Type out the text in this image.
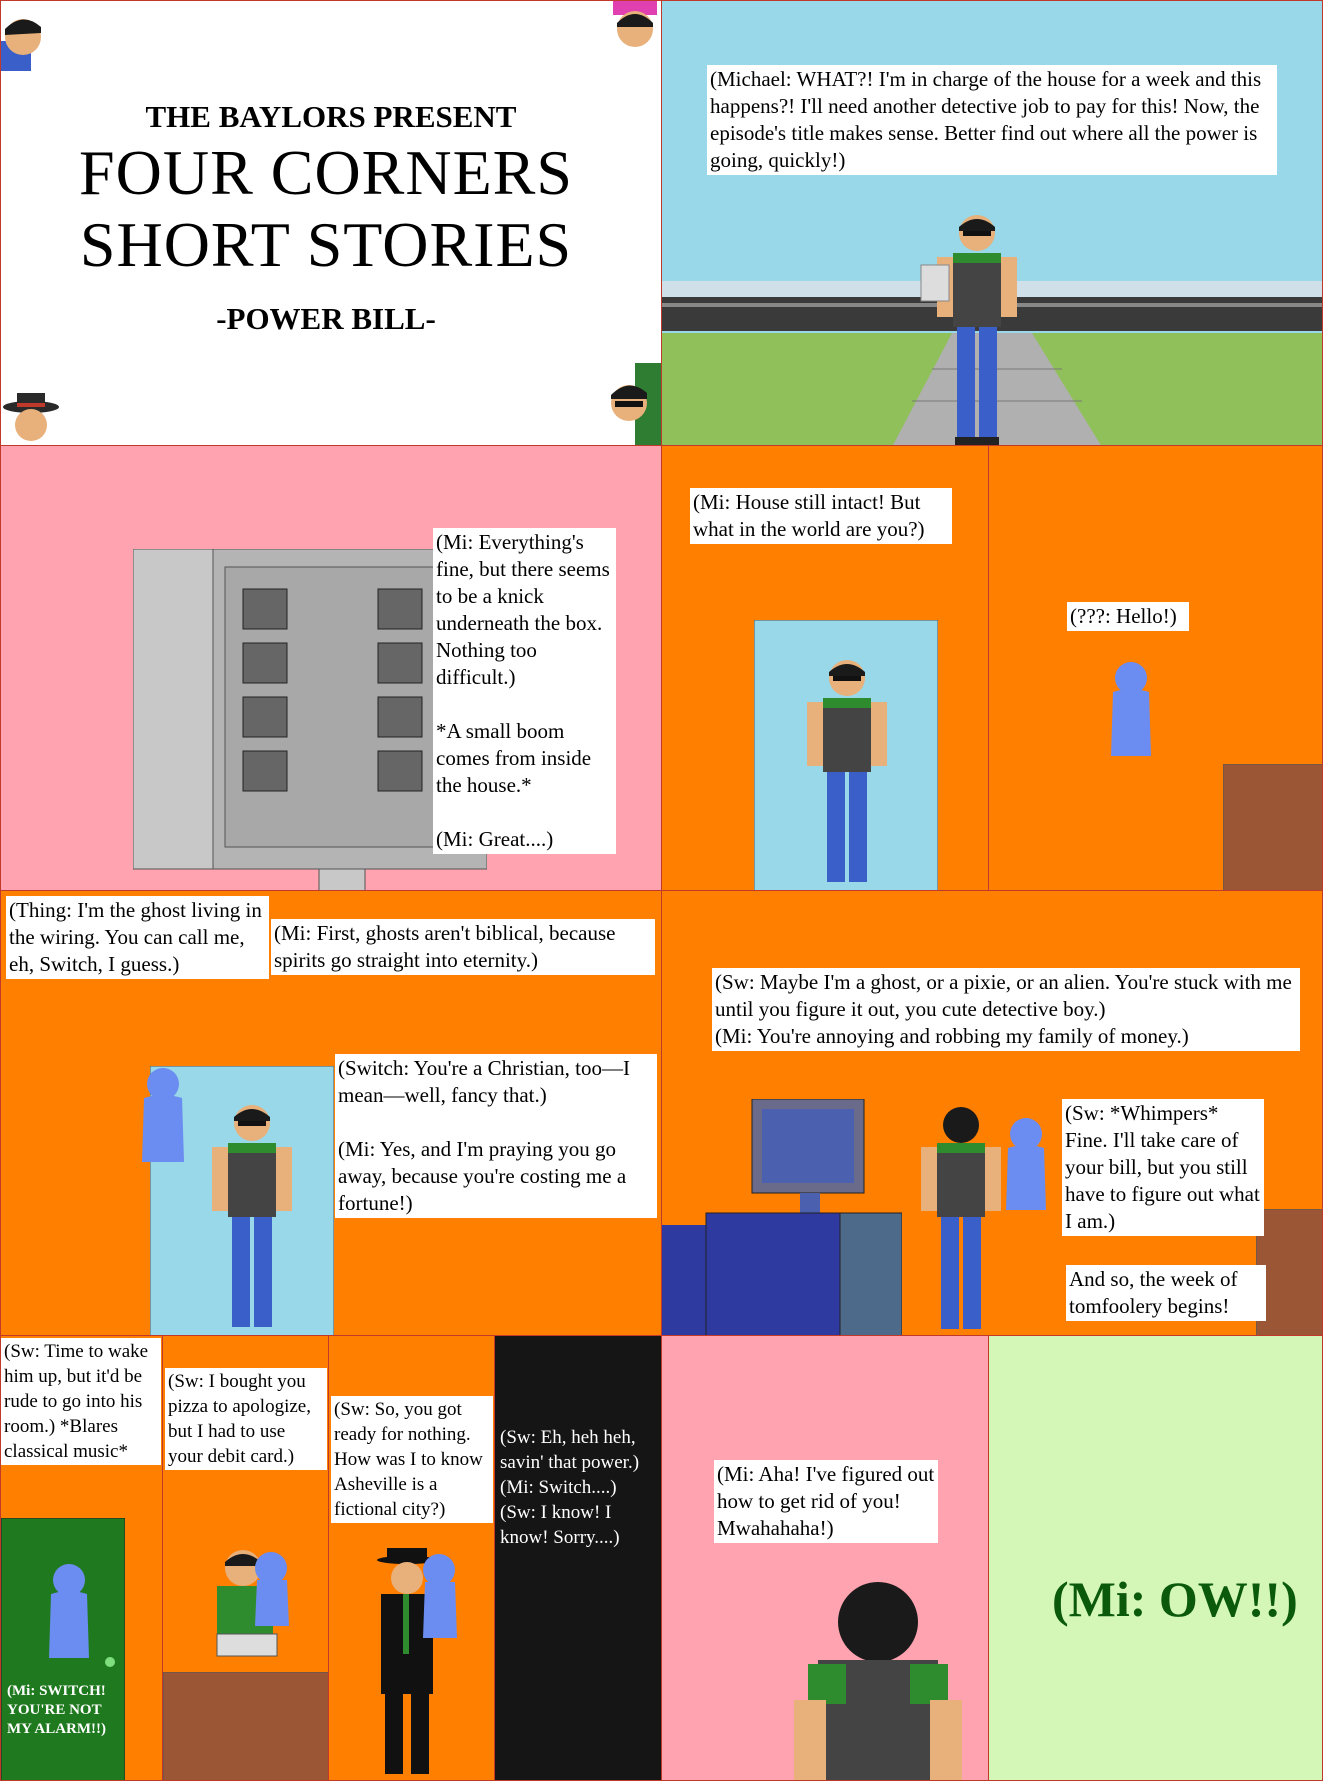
THE BAYLORS PRESENT
FOUR CORNERS
SHORT STORIES
-POWER BILL-
(Michael: WHAT?! I'm in charge of the house for a week and this happens?! I'll need another detective job to pay for this! Now, the episode's title makes sense. Better find out where all the power is going, quickly!)
(Mi: Everything's fine, but there seems to be a knick underneath the box. Nothing too difficult.)

*A small boom comes from inside the house.*

(Mi: Great....)
(Mi: House still intact! But what in the world are you?)
(???: Hello!)
(Thing: I'm the ghost living in the wiring. You can call me, eh, Switch, I guess.)
(Mi: First, ghosts aren't biblical, because spirits go straight into eternity.)
(Switch: You're a Christian, too—I mean—well, fancy that.)

(Mi: Yes, and I'm praying you go away, because you're costing me a fortune!)
(Sw: Maybe I'm a ghost, or a pixie, or an alien. You're stuck with me until you figure it out, you cute detective boy.)
(Mi: You're annoying and robbing my family of money.)
(Sw: *Whimpers* Fine. I'll take care of your bill, but you still have to figure out what I am.)
And so, the week of tomfoolery begins!
(Sw: Time to wake him up, but it'd be rude to go into his room.) *Blares classical music*
(Mi: SWITCH! YOU'RE NOT MY ALARM!!)
(Sw: I bought you pizza to apologize, but I had to use your debit card.)
(Sw: So, you got ready for nothing. How was I to know Asheville is a fictional city?)
(Sw: Eh, heh heh, savin' that power.)
(Mi: Switch....)
(Sw: I know! I know! Sorry....)
(Mi: Aha! I've figured out how to get rid of you! Mwahahaha!)
(Mi: OW!!)
